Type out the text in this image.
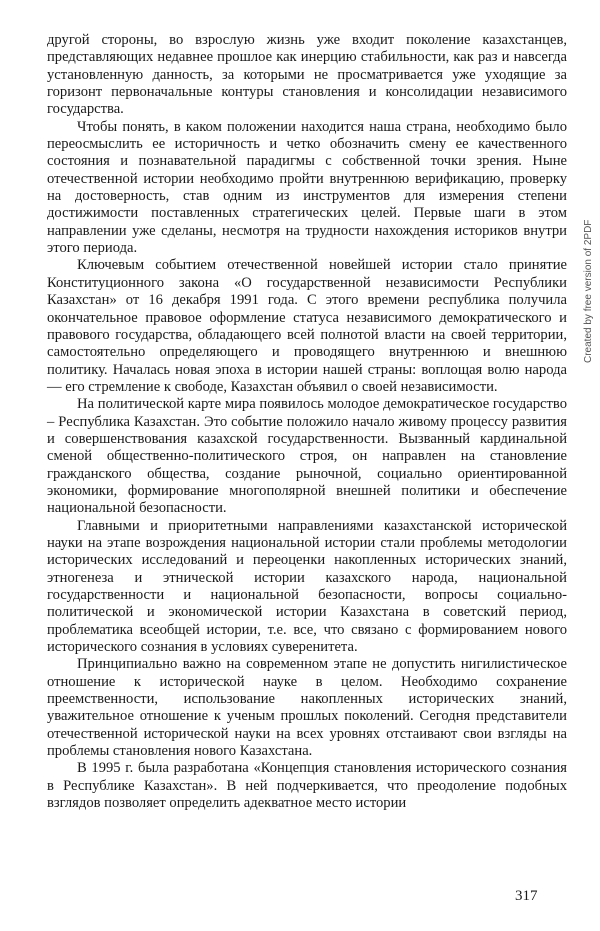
другой стороны, во взрослую жизнь уже входит поколение казахстанцев, представляющих недавнее прошлое как инерцию стабильности, как раз и навсегда установленную данность, за которыми не просматривается уже уходящие за горизонт первоначальные контуры становления и консолидации независимого государства.

Чтобы понять, в каком положении находится наша страна, необходимо было переосмыслить ее историчность и четко обозначить смену ее качественного состояния и познавательной парадигмы с собственной точки зрения. Ныне отечественной истории необходимо пройти внутреннюю верификацию, проверку на достоверность, став одним из инструментов для измерения степени достижимости поставленных стратегических целей. Первые шаги в этом направлении уже сделаны, несмотря на трудности нахождения историков внутри этого периода.

Ключевым событием отечественной новейшей истории стало принятие Конституционного закона «О государственной независимости Республики Казахстан» от 16 декабря 1991 года. С этого времени республика получила окончательное правовое оформление статуса независимого демократического и правового государства, обладающего всей полнотой власти на своей территории, самостоятельно определяющего и проводящего внутреннюю и внешнюю политику. Началась новая эпоха в истории нашей страны: воплощая волю народа — его стремление к свободе, Казахстан объявил о своей независимости.

На политической карте мира появилось молодое демократическое государство – Республика Казахстан. Это событие положило начало живому процессу развития и совершенствования казахской государственности. Вызванный кардинальной сменой общественно-политического строя, он направлен на становление гражданского общества, создание рыночной, социально ориентированной экономики, формирование многополярной внешней политики и обеспечение национальной безопасности.

Главными и приоритетными направлениями казахстанской исторической науки на этапе возрождения национальной истории стали проблемы методологии исторических исследований и переоценки накопленных исторических знаний, этногенеза и этнической истории казахского народа, национальной государственности и национальной безопасности, вопросы социально-политической и экономической истории Казахстана в советский период, проблематика всеобщей истории, т.е. все, что связано с формированием нового исторического сознания в условиях суверенитета.

Принципиально важно на современном этапе не допустить нигилистическое отношение к исторической науке в целом. Необходимо сохранение преемственности, использование накопленных исторических знаний, уважительное отношение к ученым прошлых поколений. Сегодня представители отечественной исторической науки на всех уровнях отстаивают свои взгляды на проблемы становления нового Казахстана.

В 1995 г. была разработана «Концепция становления исторического сознания в Республике Казахстан». В ней подчеркивается, что преодоление подобных взглядов позволяет определить адекватное место истории

317
Created by free version of 2PDF
